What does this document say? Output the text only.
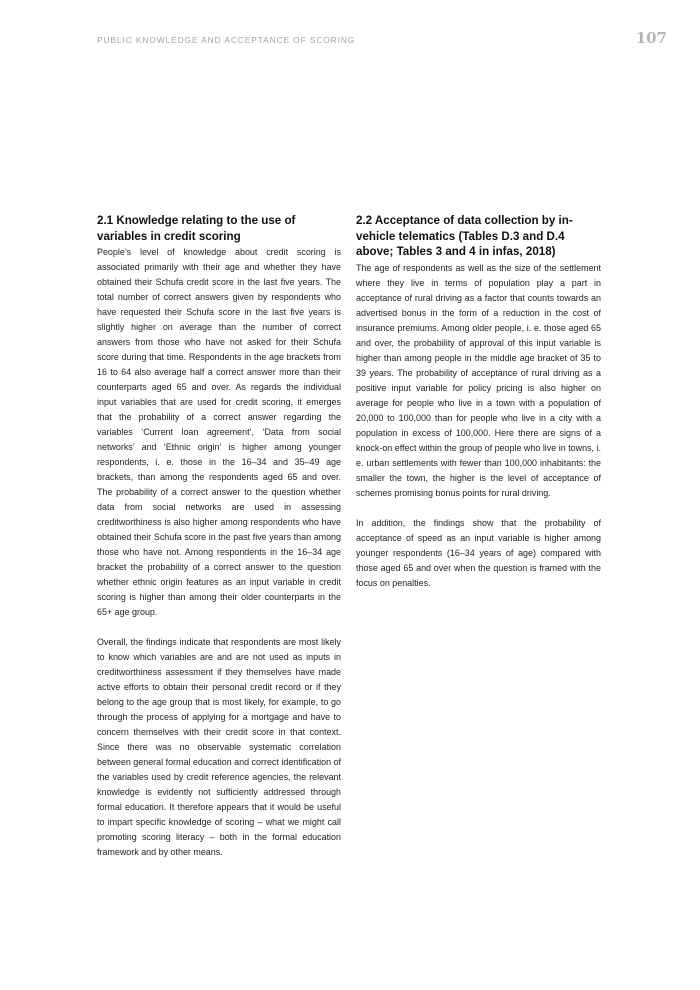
PUBLIC KNOWLEDGE AND ACCEPTANCE OF SCORING	107
2.1 Knowledge relating to the use of variables in credit scoring

People’s level of knowledge about credit scoring is associated primarily with their age and whether they have obtained their Schufa credit score in the last five years. The total number of correct answers given by respondents who have requested their Schufa score in the last five years is slightly higher on average than the number of correct answers from those who have not asked for their Schufa score during that time. Respondents in the age brackets from 16 to 64 also average half a correct answer more than their counterparts aged 65 and over. As regards the individual input variables that are used for credit scoring, it emerges that the probability of a correct answer regarding the variables ‘Current loan agreement’, ‘Data from social networks’ and ‘Ethnic origin’ is higher among younger respondents, i. e. those in the 16–34 and 35–49 age brackets, than among the respondents aged 65 and over. The probability of a correct answer to the question whether data from social networks are used in assessing creditworthiness is also higher among respondents who have obtained their Schufa score in the past five years than among those who have not. Among respondents in the 16–34 age bracket the probability of a correct answer to the question whether ethnic origin features as an input variable in credit scoring is higher than among their older counterparts in the 65+ age group.

Overall, the findings indicate that respondents are most likely to know which variables are and are not used as inputs in creditworthiness assessment if they themselves have made active efforts to obtain their personal credit record or if they belong to the age group that is most likely, for example, to go through the process of applying for a mortgage and have to concern themselves with their credit score in that context. Since there was no observable systematic correlation between general formal education and correct identification of the variables used by credit reference agencies, the relevant knowledge is evidently not sufficiently addressed through formal education. It therefore appears that it would be useful to impart specific knowledge of scoring – what we might call promoting scoring literacy – both in the formal education framework and by other means.

2.2 Acceptance of data collection by in-vehicle telematics (Tables D.3 and D.4 above; Tables 3 and 4 in infas, 2018)

The age of respondents as well as the size of the settlement where they live in terms of population play a part in acceptance of rural driving as a factor that counts towards an advertised bonus in the form of a reduction in the cost of insurance premiums. Among older people, i. e. those aged 65 and over, the probability of approval of this input variable is higher than among people in the middle age bracket of 35 to 39 years. The probability of acceptance of rural driving as a positive input variable for policy pricing is also higher on average for people who live in a town with a population of 20,000 to 100,000 than for people who live in a city with a population in excess of 100,000. Here there are signs of a knock-on effect within the group of people who live in towns, i. e. urban settlements with fewer than 100,000 inhabitants: the smaller the town, the higher is the level of acceptance of schemes promising bonus points for rural driving.

In addition, the findings show that the probability of acceptance of speed as an input variable is higher among younger respondents (16–34 years of age) compared with those aged 65 and over when the question is framed with the focus on penalties.
